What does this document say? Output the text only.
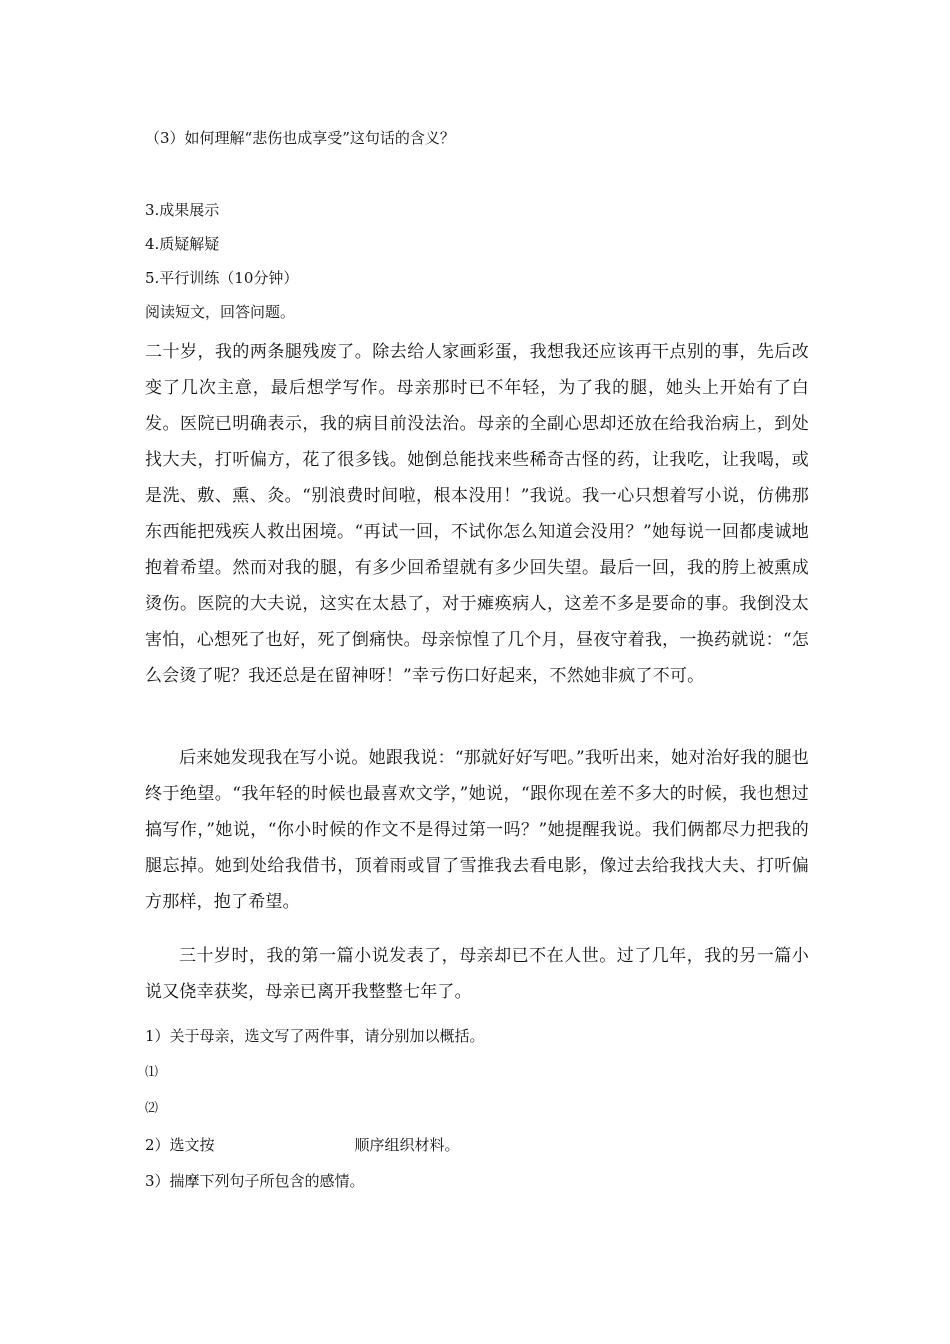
（3）如何理解“悲伤也成享受”这句话的含义？
3.成果展示
4.质疑解疑
5.平行训练（10分钟）
阅读短文，回答问题。
二十岁，我的两条腿残废了。除去给人家画彩蛋，我想我还应该再干点别的事，先后改变了几次主意，最后想学写作。母亲那时已不年轻，为了我的腿，她头上开始有了白发。医院已明确表示，我的病目前没法治。母亲的全副心思却还放在给我治病上，到处找大夫，打听偏方，花了很多钱。她倒总能找来些稀奇古怪的药，让我吃，让我喝，或是洗、敷、熏、灸。“别浪费时间啦，根本没用！”我说。我一心只想着写小说，仿佛那东西能把残疾人救出困境。“再试一回，不试你怎么知道会没用？”她每说一回都虔诚地抱着希望。然而对我的腿，有多少回希望就有多少回失望。最后一回，我的胯上被熏成烫伤。医院的大夫说，这实在太悬了，对于瘫痪病人，这差不多是要命的事。我倒没太害怕，心想死了也好，死了倒痛快。母亲惊惶了几个月，昼夜守着我，一换药就说：“怎么会烫了呢？我还总是在留神呀！”幸亏伤口好起来，不然她非疯了不可。
后来她发现我在写小说。她跟我说：“那就好好写吧。”我听出来，她对治好我的腿也终于绝望。“我年轻的时候也最喜欢文学，”她说，“跟你现在差不多大的时候，我也想过搞写作，”她说，“你小时候的作文不是得过第一吗？”她提醒我说。我们俩都尽力把我的腿忘掉。她到处给我借书，顶着雨或冒了雪推我去看电影，像过去给我找大夫、打听偏方那样，抱了希望。
三十岁时，我的第一篇小说发表了，母亲却已不在人世。过了几年，我的另一篇小说又侥幸获奖，母亲已离开我整整七年了。
1）关于母亲，选文写了两件事，请分别加以概括。
⑴
⑵
2）选文按	顺序组织材料。
3）揣摩下列句子所包含的感情。
